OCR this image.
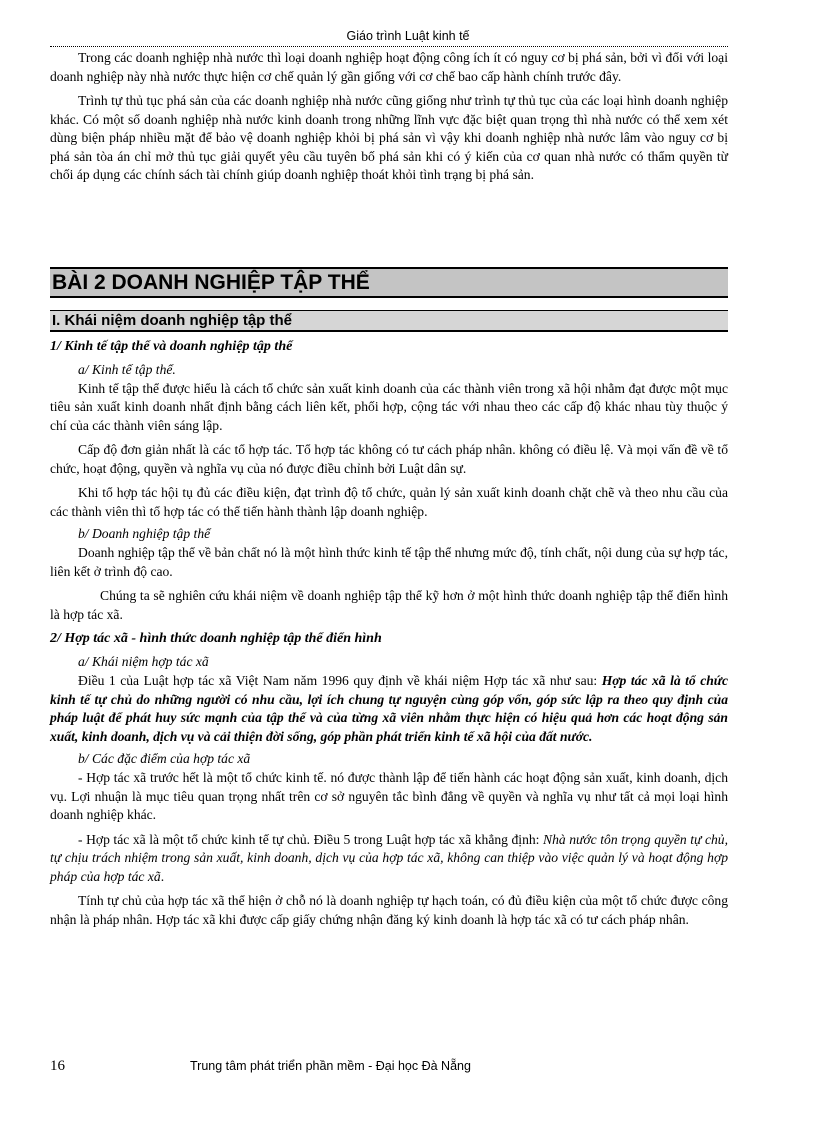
Giáo trình Luật kinh tế

Trong các doanh nghiệp nhà nước thì loại doanh nghiệp hoạt động công ích ít có nguy cơ bị phá sản, bởi vì đối với loại doanh nghiệp này nhà nước thực hiện cơ chế quản lý gần giống với cơ chế bao cấp hành chính trước đây.

Trình tự thủ tục phá sản của các doanh nghiệp nhà nước cũng giống như trình tự thủ tục của các loại hình doanh nghiệp khác. Có một số doanh nghiệp nhà nước kinh doanh trong những lĩnh vực đặc biệt quan trọng thì nhà nước có thể xem xét dùng biện pháp nhiều mặt để bảo vệ doanh nghiệp khỏi bị phá sản vì vậy khi doanh nghiệp nhà nước lâm vào nguy cơ bị phá sản tòa án chỉ mở thủ tục giải quyết yêu cầu tuyên bố phá sản khi có ý kiến của cơ quan nhà nước có thẩm quyền từ chối áp dụng các chính sách tài chính giúp doanh nghiệp thoát khỏi tình trạng bị phá sản.

BÀI 2 DOANH NGHIỆP TẬP THỂ
I. Khái niệm doanh nghiệp tập thể

1/ Kinh tế tập thể và doanh nghiệp tập thể

a/ Kinh tế tập thể.

Kinh tế tập thể được hiểu là cách tổ chức sản xuất kinh doanh của các thành viên trong xã hội nhằm đạt được một mục tiêu sản xuất kinh doanh nhất định bằng cách liên kết, phối hợp, cộng tác với nhau theo các cấp độ khác nhau tùy thuộc ý chí của các thành viên sáng lập.

Cấp độ đơn giản nhất là các tổ hợp tác. Tổ hợp tác không có tư cách pháp nhân. không có điều lệ. Và mọi vấn đề về tổ chức, hoạt động, quyền và nghĩa vụ của nó được điều chỉnh bởi Luật dân sự.

Khi tổ hợp tác hội tụ đủ các điều kiện, đạt trình độ tổ chức, quản lý sản xuất kinh doanh chặt chẽ và theo nhu cầu của các thành viên thì tổ hợp tác có thể tiến hành thành lập doanh nghiệp.

b/ Doanh nghiệp tập thể

Doanh nghiệp tập thể về bản chất nó là một hình thức kinh tế tập thể nhưng mức độ, tính chất, nội dung của sự hợp tác, liên kết ở trình độ cao.

Chúng ta sẽ nghiên cứu khái niệm về doanh nghiệp tập thể kỹ hơn ở một hình thức doanh nghiệp tập thể điển hình là hợp tác xã.

2/ Hợp tác xã - hình thức doanh nghiệp tập thể điển hình

a/ Khái niệm hợp tác xã

Điều 1 của Luật hợp tác xã Việt Nam năm 1996 quy định về khái niệm Hợp tác xã như sau: Hợp tác xã là tổ chức kinh tế tự chủ do những người có nhu cầu, lợi ích chung tự nguyện cùng góp vốn, góp sức lập ra theo quy định của pháp luật để phát huy sức mạnh của tập thể và của từng xã viên nhằm thực hiện có hiệu quả hơn các hoạt động sản xuất, kinh doanh, dịch vụ và cải thiện đời sống, góp phần phát triển kinh tế xã hội của đất nước.

b/ Các đặc điểm của hợp tác xã

- Hợp tác xã trước hết là một tổ chức kinh tế. nó được thành lập để tiến hành các hoạt động sản xuất, kinh doanh, dịch vụ. Lợi nhuận là mục tiêu quan trọng nhất trên cơ sở nguyên tắc bình đẳng về quyền và nghĩa vụ như tất cả mọi loại hình doanh nghiệp khác.

- Hợp tác xã là một tổ chức kinh tế tự chủ. Điều 5 trong Luật hợp tác xã khẳng định: Nhà nước tôn trọng quyền tự chủ, tự chịu trách nhiệm trong sản xuất, kinh doanh, dịch vụ của hợp tác xã, không can thiệp vào việc quản lý và hoạt động hợp pháp của hợp tác xã.

Tính tự chủ của hợp tác xã thể hiện ở chỗ nó là doanh nghiệp tự hạch toán, có đủ điều kiện của một tổ chức được công nhận là pháp nhân. Hợp tác xã khi được cấp giấy chứng nhận đăng ký kinh doanh là hợp tác xã có tư cách pháp nhân.

16	Trung tâm phát triển phần mềm - Đại học Đà Nẵng
